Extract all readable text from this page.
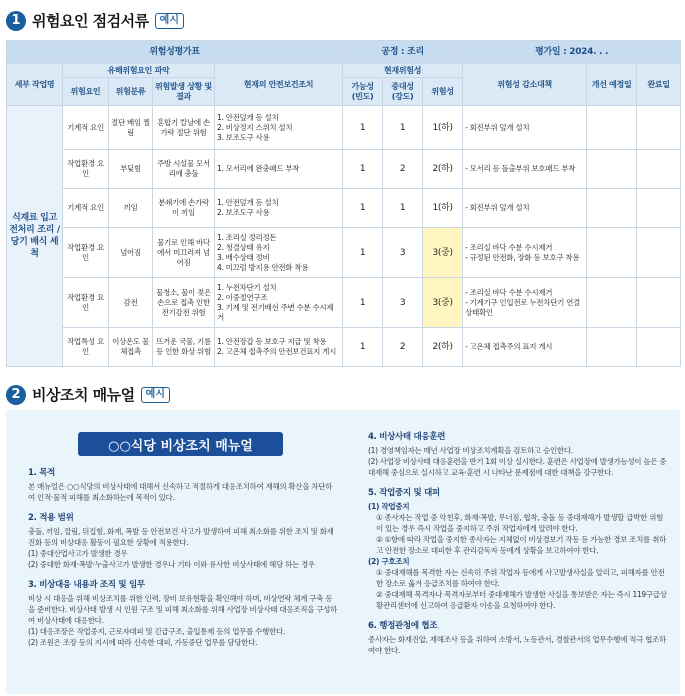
1 위험요인 점검서류	예시
위험성평가표					공정 : 조리			평가일 : 2024. . .		
세부 작업명	유해위험요인 파악			현재의 안전보건조치	현재위험성			위험성 감소대책	개선 예정일	완료일
	위험요인	위험분류	위험발생 상황 및 결과		가능성 (빈도)	중대성 (강도)	위험성			
식재료 입고 전처리 조리 / 당기 배식 세척	기계적 요인	절단 베임 찔림	흔합기 칼날에 손가락 절단 위험	1. 안전덮개 등 설치
2. 비상정지 스위치 설치
3. 보조도구 사용	1	1	1(하)	- 회전부위 덮개 설치		
	작업환경 요인	부딪힘	주방 시설물 모서리에 충돌	1. 모서리에 완충패드 부착	1	2	2(하)	- 모서리 등 돌출부위 보호패드 부착		
	기계적 요인	끼임	분쇄기에 손가락이 끼임	1. 안전덮개 등 설치
2. 보조도구 사용	1	1	1(하)	- 회전부위 덮개 설치		
	작업환경 요인	넘어짐	물기로 인해 바닥에서 미끄러져 넘어짐	1. 조리실 정리정돈
2. 청결상태 유지
3. 배수상태 정비
4. 미끄럼 방지용 안전화 착용	1	3	3(중)	- 조리실 바닥 수분 수시제거
- 규정된 안전화, 장화 등 보호구 착용		
	작업환경 요인	감전	물청소, 물이 젖은 손으로 접촉 인한 전기감전 위험	1. 누전차단기 설치
2. 이중절연구조
3. 기계 및 전기배선 주변 수분 수시제거	1	3	3(중)	- 조리실 바닥 수분 수시제거
- 기계기구 인입전로 누전차단기 연결 상태확인		
	작업특성 요인	이상온도 물체접촉	뜨거운 국물, 기름 등 인한 화상 위험	1. 안전장갑 등 보호구 지급 및 착용
2. 고온체 접촉주의 안전보건표지 게시	1	2	2(하)	- 고온체 접촉주의 표지 게시		
2 비상조치 매뉴얼	예시
○○식당 비상조치 매뉴얼
1. 목적

본 매뉴얼은 ○○식당의 비상사태에 대해서 신속하고 적절하게 대응조치하여 재해의 확산을 차단하여 인적·물적 피해를 최소화하는데 목적이 있다.

2. 적용 범위

충돌, 끼임, 깔림, 뒤집힘, 화재, 폭발 등 안전보건 사고가 발생하여 피해 최소화를 위한 조치 및 화재진화 등의 비상대응 활동이 필요한 상황에 적용한다.

(1) 중대산업사고가 발생한 경우

(2) 중대한 화재·폭발·누출사고가 발생한 경우나 기타 이와 유사한 비상사태에 해당 하는 경우

3. 비상대응 내용과 조직 및 임무

비상 시 대응을 위해 비상조치를 위한 인력, 장비 보유현황을 확인해야 하며, 비상연락 체계 구축 등을 준비한다. 비상사태 발생 시 인원 구조 및 피해 최소화를 위해 사업장 비상사태 대응조직을 구성하여 비상사태에 대응한다.

(1) 대응조장은 작업중지, 근로자대피 및 긴급구조, 출입통제 등의 업무를 수행한다.

(2) 조원은 조장 등의 지시에 따라 신속한 대피, 가동중단 업무를 담당한다.

4. 비상사태 대응훈련

(1) 경영책임자는 매년 사업장 비상조치계획을 검토하고 승인한다.

(2) 사업장 비상사태 대응훈련을 반기 1회 이상 실시한다. 훈련은 사업장에 발생가능성이 높은 중대재해 중심으로 실시하고 교육·훈련 시 나타난 문제점에 대한 대책을 강구한다.

5. 작업중지 및 대피

(1) 작업중지

① 종사자는 작업 중 악천후, 화재·폭발, 무너짐, 협착, 충돌 등 중대재해가 발생할 급박한 위험이 있는 경우 즉시 작업을 중지하고 주위 작업자에게 알려야 한다.

② ①항에 따라 작업을 중지한 종사자는 지체없이 비상경보기 작동 등 가능한 경보 조치를 취하고 안전한 장소로 대피한 후 관리감독자 등에게 상황을 보고하여야 한다.

(2) 구호조치

① 중대재해를 목격한 자는 신속히 주위 작업자 등에게 사고발생사실을 알리고, 피해자를 안전한 장소로 옮겨 응급조치를 하여야 한다.

② 중대재해 목격자나 목격자로부터 중대재해가 발생한 사실을 통보받은 자는 즉시 119구급상황관리센터에 신고하여 응급환자 이송을 요청하여야 한다.

6. 행정관청에 협조

종사자는 화재진압, 재해조사 등을 위하여 소방서, 노동관서, 경찰관서의 업무수행에 적극 협조하여야 한다.
